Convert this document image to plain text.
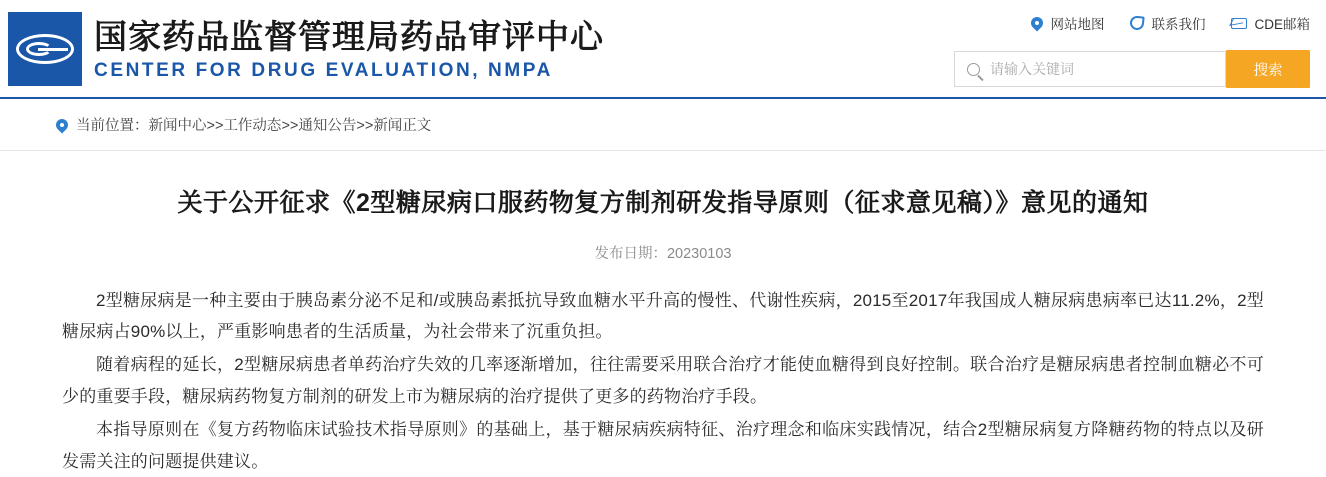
国家药品监督管理局药品审评中心
CENTER FOR DRUG EVALUATION, NMPA
网站地图	联系我们	CDE邮箱
请输入关键词
搜索
当前位置：新闻中心>>工作动态>>通知公告>>新闻正文
关于公开征求《2型糖尿病口服药物复方制剂研发指导原则（征求意见稿）》意见的通知
发布日期：20230103

2型糖尿病是一种主要由于胰岛素分泌不足和/或胰岛素抵抗导致血糖水平升高的慢性、代谢性疾病，2015至2017年我国成人糖尿病患病率已达11.2%，2型糖尿病占90%以上，严重影响患者的生活质量，为社会带来了沉重负担。

随着病程的延长，2型糖尿病患者单药治疗失效的几率逐渐增加，往往需要采用联合治疗才能使血糖得到良好控制。联合治疗是糖尿病患者控制血糖必不可少的重要手段，糖尿病药物复方制剂的研发上市为糖尿病的治疗提供了更多的药物治疗手段。

本指导原则在《复方药物临床试验技术指导原则》的基础上，基于糖尿病疾病特征、治疗理念和临床实践情况，结合2型糖尿病复方降糖药物的特点以及研发需关注的问题提供建议。
